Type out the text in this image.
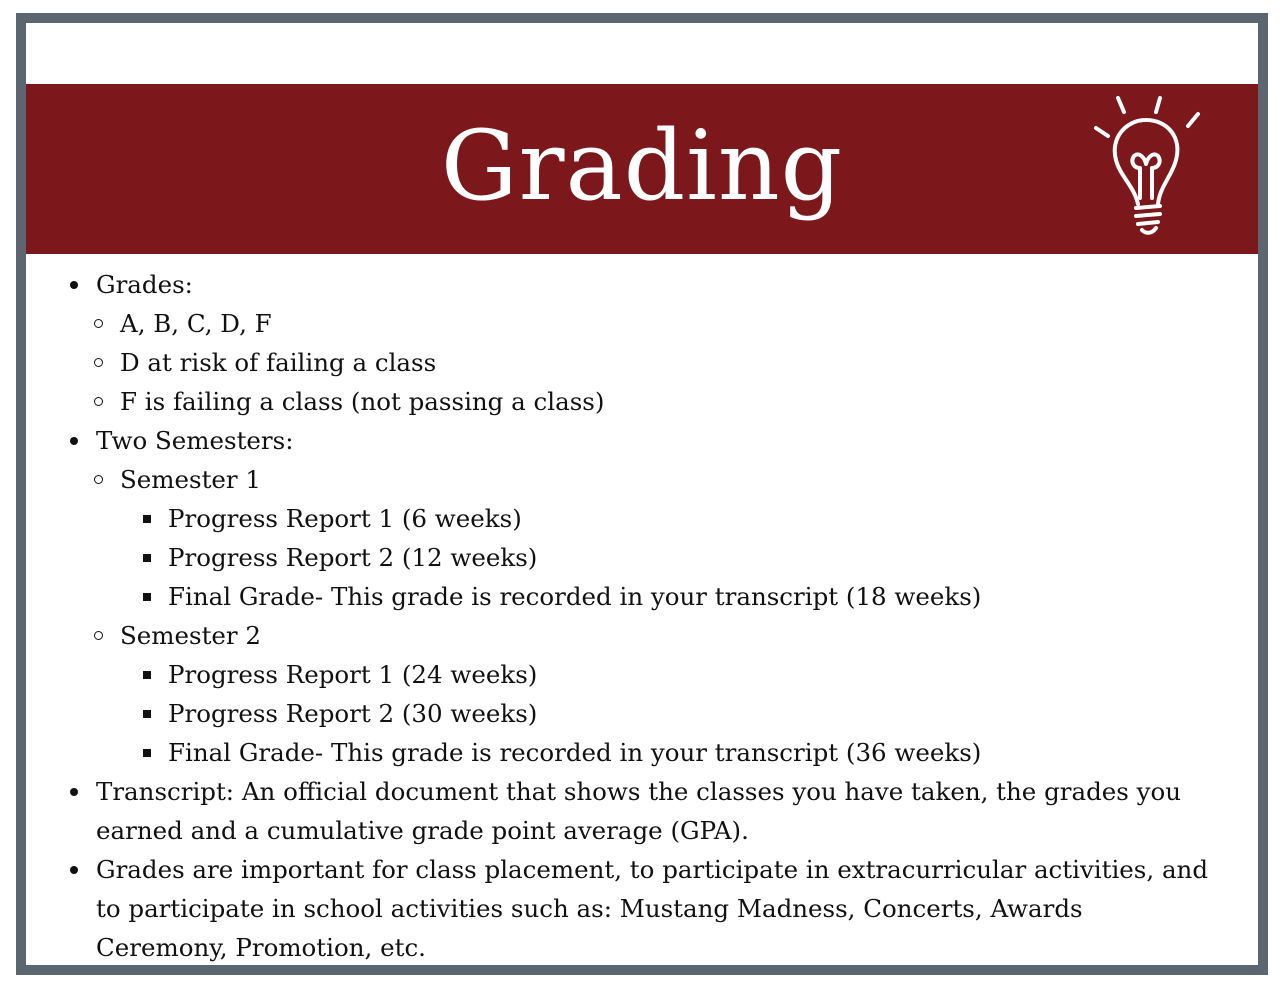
Grading
Grades:
A, B, C, D, F
D at risk of failing a class
F is failing a class (not passing a class)
Two Semesters:
Semester 1
Progress Report 1 (6 weeks)
Progress Report 2 (12 weeks)
Final Grade- This grade is recorded in your transcript (18 weeks)
Semester 2
Progress Report 1 (24 weeks)
Progress Report 2 (30 weeks)
Final Grade- This grade is recorded in your transcript (36 weeks)
Transcript: An official document that shows the classes you have taken, the grades you earned and a cumulative grade point average (GPA).
Grades are important for class placement, to participate in extracurricular activities, and to participate in school activities such as: Mustang Madness, Concerts, Awards Ceremony, Promotion, etc.
